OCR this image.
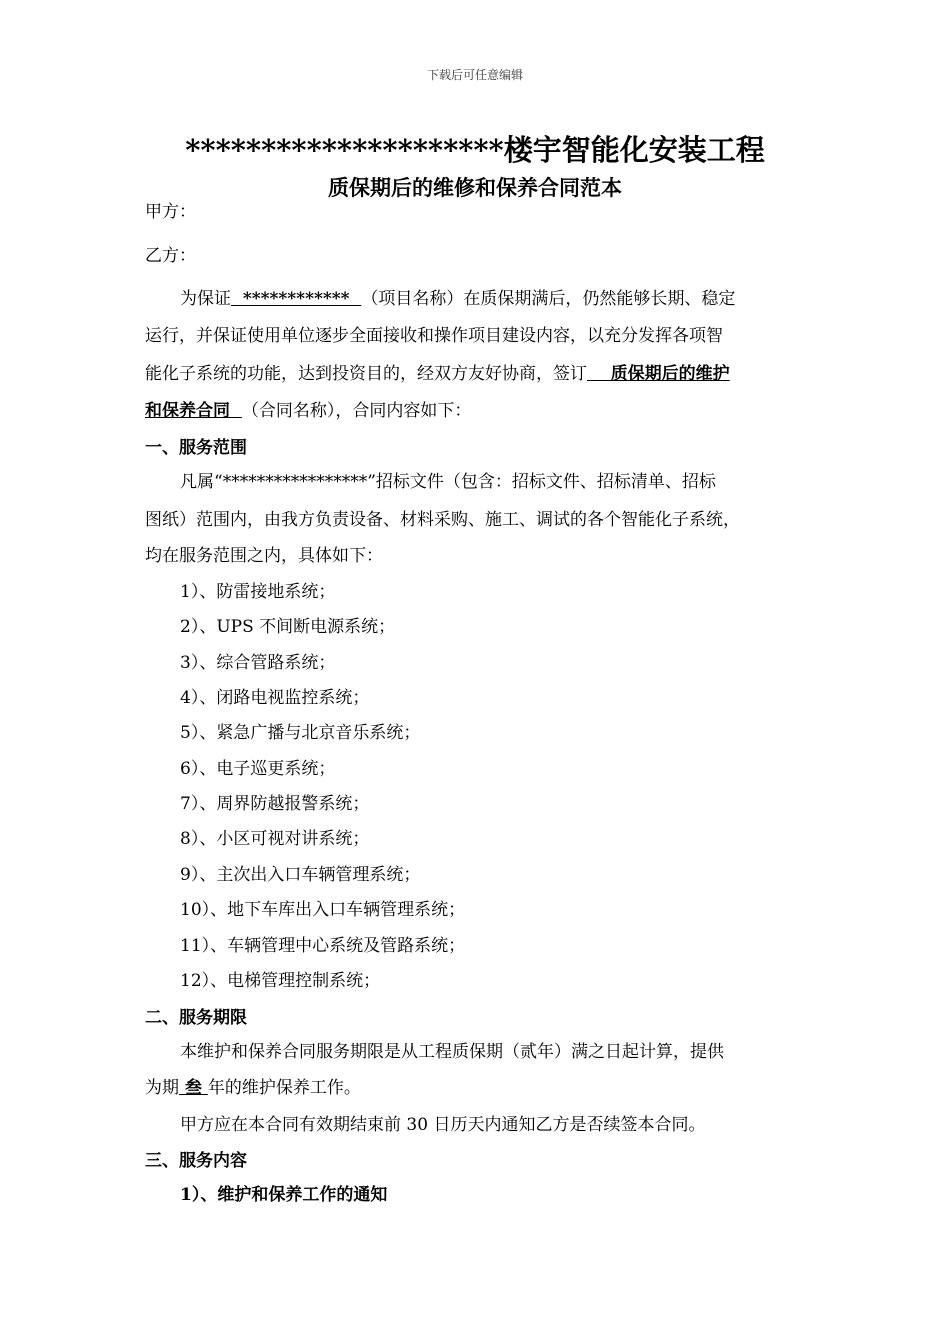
下载后可任意编辑
*********************楼宇智能化安装工程
质保期后的维修和保养合同范本
甲方：
乙方：
为保证  ************  （项目名称）在质保期满后，仍然能够长期、稳定
运行，并保证使用单位逐步全面接收和操作项目建设内容，以充分发挥各项智
能化子系统的功能，达到投资目的，经双方友好协商，签订    质保期后的维护
和保养合同  （合同名称），合同内容如下：
一、服务范围
凡属“*****************”招标文件（包含：招标文件、招标清单、招标
图纸）范围内，由我方负责设备、材料采购、施工、调试的各个智能化子系统，
均在服务范围之内，具体如下：
1）、防雷接地系统；
2）、UPS 不间断电源系统；
3）、综合管路系统；
4）、闭路电视监控系统；
5）、紧急广播与北京音乐系统；
6）、电子巡更系统；
7）、周界防越报警系统；
8）、小区可视对讲系统；
9）、主次出入口车辆管理系统；
10）、地下车库出入口车辆管理系统；
11）、车辆管理中心系统及管路系统；
12）、电梯管理控制系统；
二、服务期限
本维护和保养合同服务期限是从工程质保期（贰年）满之日起计算，提供
为期 叁 年的维护保养工作。
甲方应在本合同有效期结束前 30 日历天内通知乙方是否续签本合同。
三、服务内容
1）、维护和保养工作的通知
